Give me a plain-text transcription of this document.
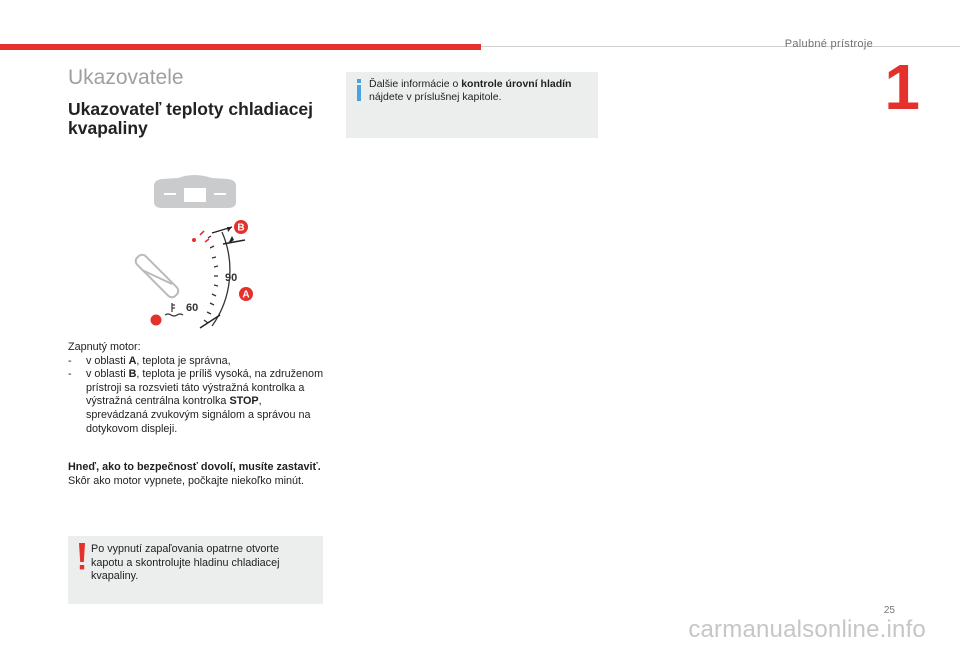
Palubné prístroje
1
Ukazovatele
Ukazovateľ teploty chladiacej kvapaliny
Ďalšie informácie o kontrole úrovní hladín nájdete v príslušnej kapitole.
90
60
B
A
Zapnutý motor:
- v oblasti A, teplota je správna,
- v oblasti B, teplota je príliš vysoká, na združenom prístroji sa rozsvieti táto výstražná kontrolka a výstražná centrálna kontrolka STOP, sprevádzaná zvukovým signálom a správou na dotykovom displeji.
Hneď, ako to bezpečnosť dovolí, musíte zastaviť.
Skôr ako motor vypnete, počkajte niekoľko minút.
Po vypnutí zapaľovania opatrne otvorte kapotu a skontrolujte hladinu chladiacej kvapaliny.
25
carmanualsonline.info
